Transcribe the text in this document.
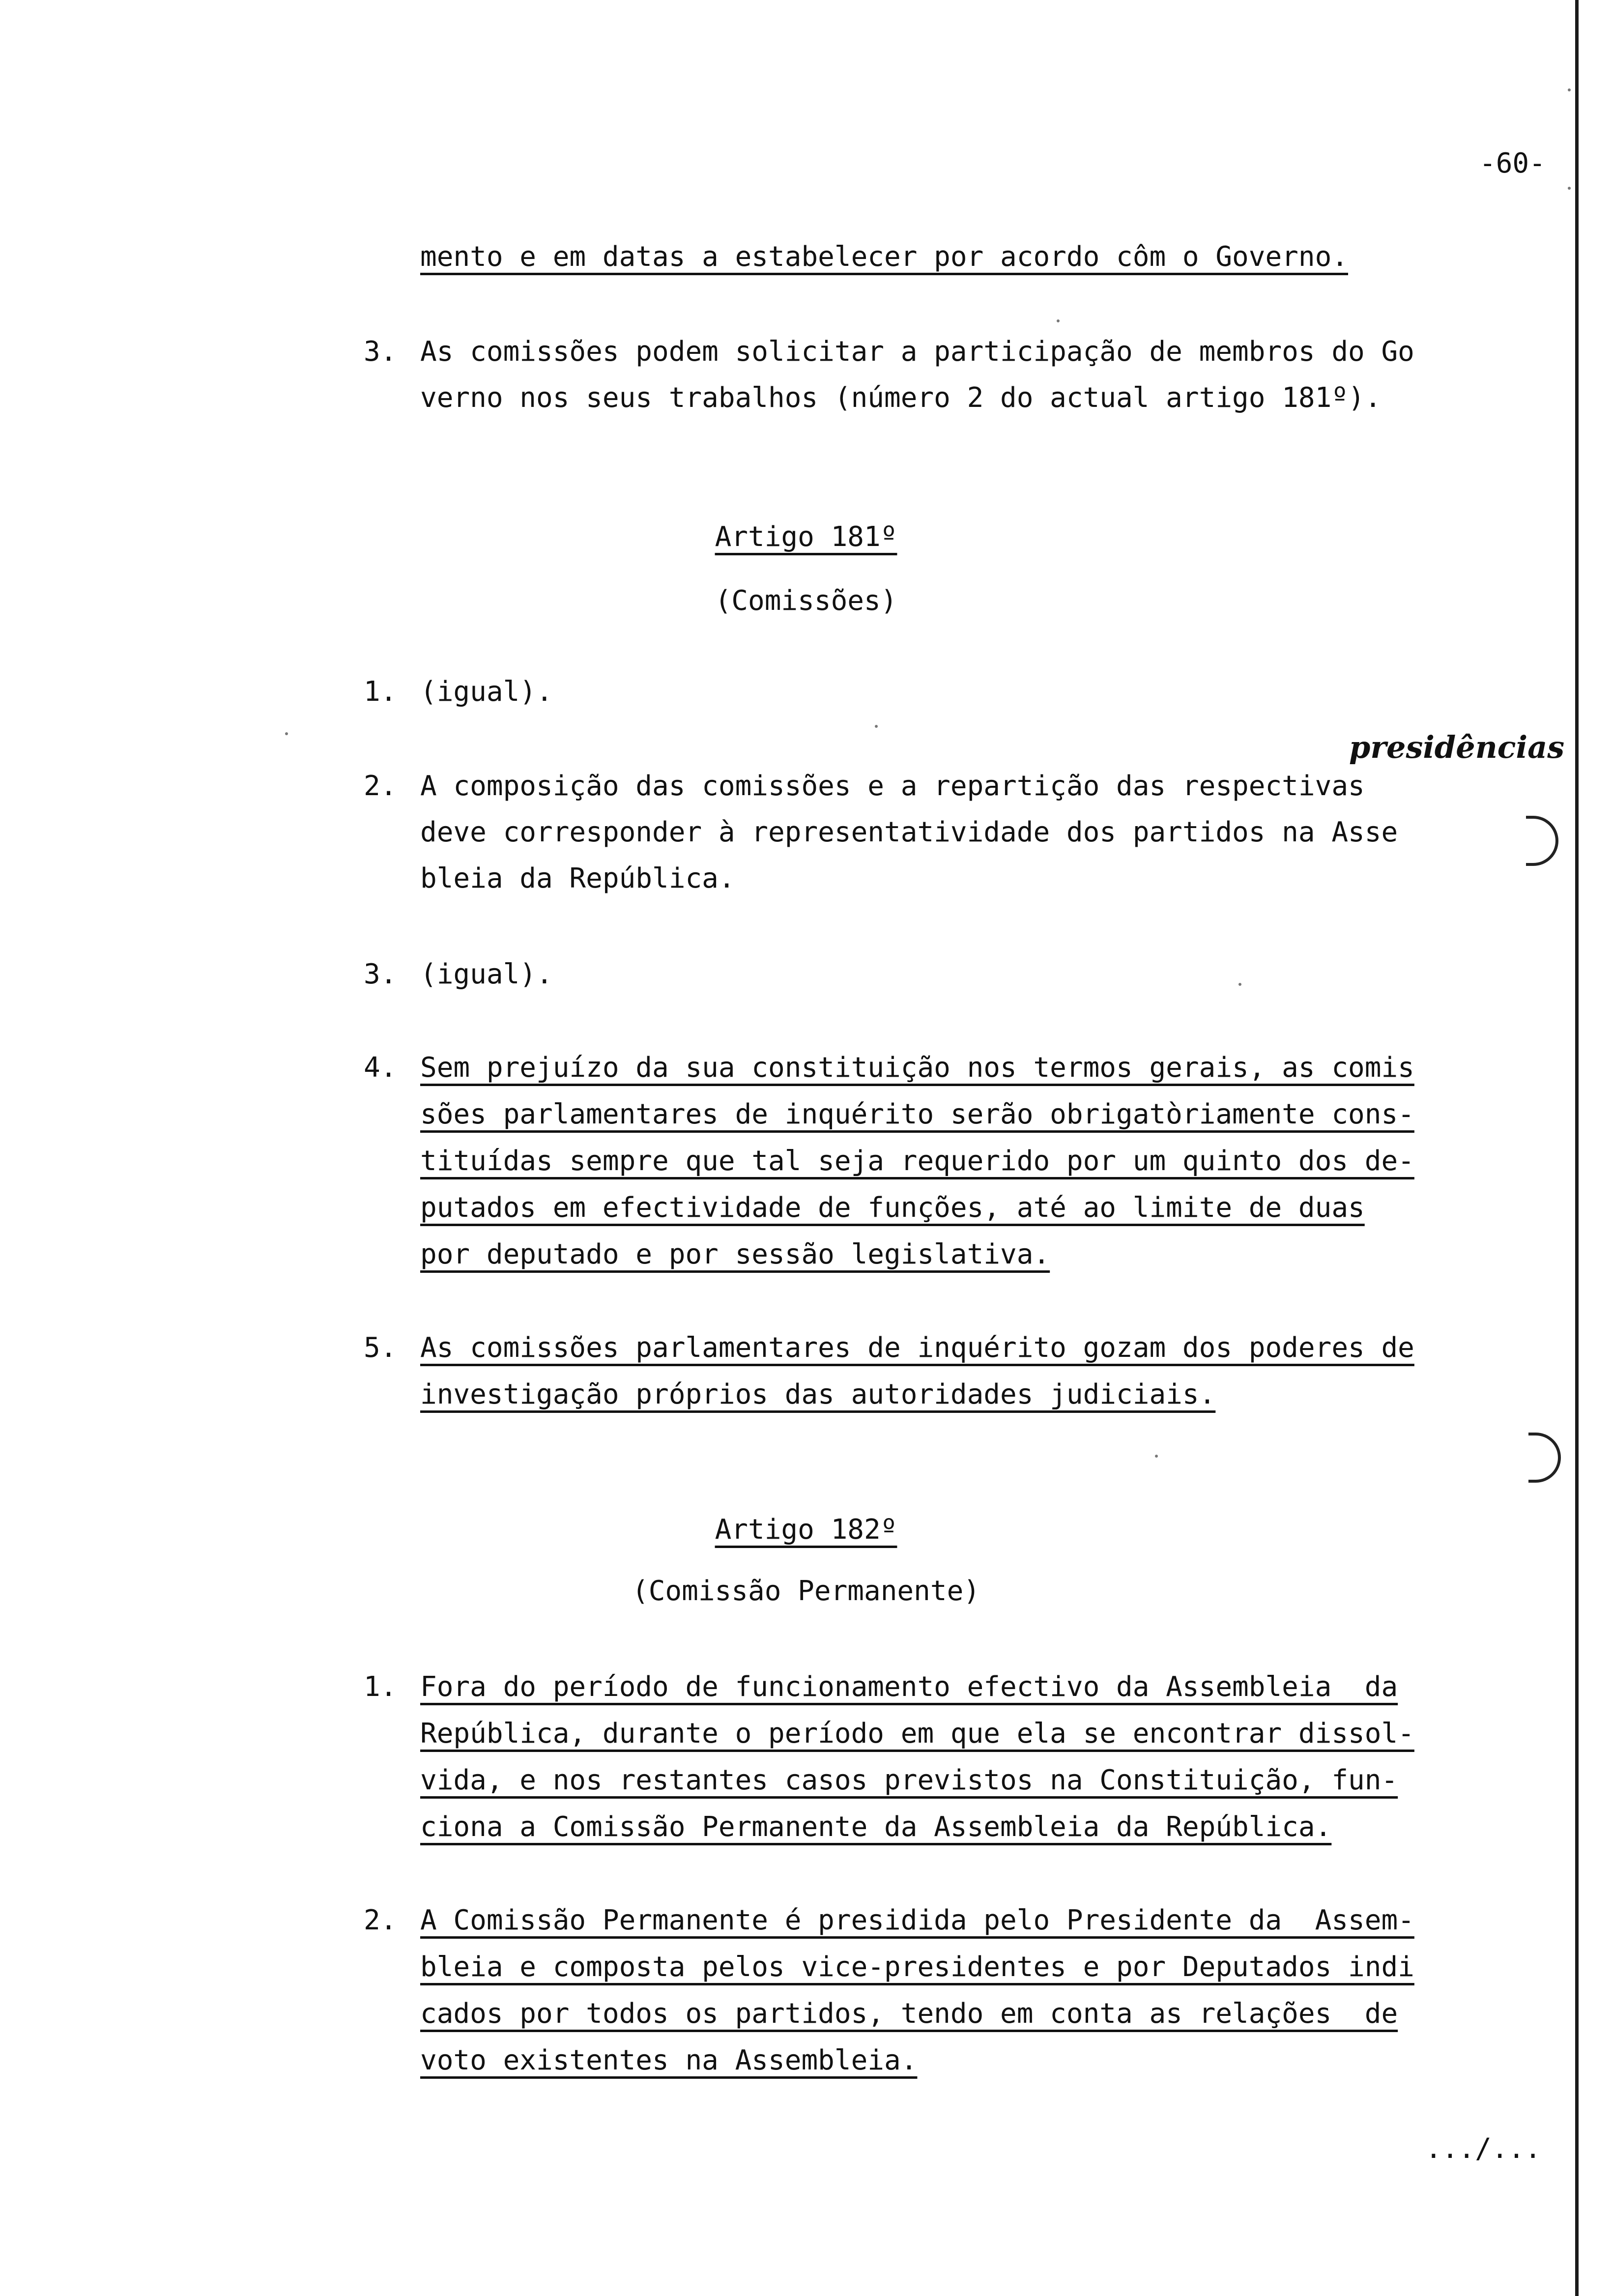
-60-
mento e em datas a estabelecer por acordo côm o Governo.
3. As comissões podem solicitar a participação de membros do Go
verno nos seus trabalhos (número 2 do actual artigo 181º).
Artigo 181º
(Comissões)
1. (igual).
presidências
2. A composição das comissões e a repartição das respectivas
deve corresponder à representatividade dos partidos na Asse
bleia da República.
3. (igual).
4. Sem prejuízo da sua constituição nos termos gerais, as comis
sões parlamentares de inquérito serão obrigatòriamente cons-
tituídas sempre que tal seja requerido por um quinto dos de-
putados em efectividade de funções, até ao limite de duas
por deputado e por sessão legislativa.
5. As comissões parlamentares de inquérito gozam dos poderes de
investigação próprios das autoridades judiciais.
Artigo 182º
(Comissão Permanente)
1. Fora do período de funcionamento efectivo da Assembleia  da
República, durante o período em que ela se encontrar dissol-
vida, e nos restantes casos previstos na Constituição, fun-
ciona a Comissão Permanente da Assembleia da República.
2. A Comissão Permanente é presidida pelo Presidente da  Assem-
bleia e composta pelos vice-presidentes e por Deputados indi
cados por todos os partidos, tendo em conta as relações  de
voto existentes na Assembleia.
.../...
